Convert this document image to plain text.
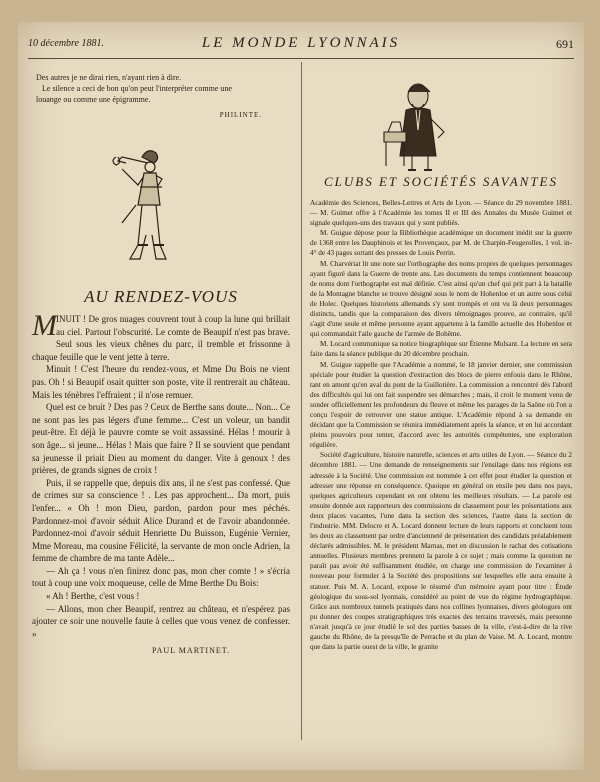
10 décembre 1881.	LE MONDE LYONNAIS	691

Des autres je ne dirai rien, n'ayant rien à dire.

Le silence a ceci de bon qu'on peut l'interpréter comme une

louange ou comme une épigramme.

PHILINTE.
AU RENDEZ-VOUS

MINUIT ! De gros nuages couvrent tout à coup la lune qui brillait au ciel. Partout l'obscurité. Le comte de Beaupif n'est pas brave. Seul sous les vieux chênes du parc, il tremble et frissonne à chaque feuille que le vent jette à terre.

Minuit ! C'est l'heure du rendez-vous, et Mme Du Bois ne vient pas. Oh ! si Beaupif osait quitter son poste, vite il rentrerait au château. Mais les ténèbres l'effraient ; il n'ose remuer.

Quel est ce bruit ? Des pas ? Ceux de Berthe sans doute... Non... Ce ne sont pas les pas légers d'une femme... C'est un voleur, un bandit peut-être. Et déjà le pauvre comte se voit assassiné. Hélas ! mourir à son âge... si jeune... Hélas ! Mais que faire ? Il se souvient que pendant sa jeunesse il priait Dieu au moment du danger. Vite à genoux ! des prières, de grands signes de croix !

Puis, il se rappelle que, depuis dix ans, il ne s'est pas confessé. Que de crimes sur sa conscience ! . Les pas approchent... Da mort, puis l'enfer... « Oh ! mon Dieu, pardon, pardon pour mes péchés. Pardonnez-moi d'avoir séduit Alice Durand et de l'avoir abandonnée. Pardonnez-moi d'avoir séduit Henriette Du Buisson, Eugénie Vernier, Mme Moreau, ma cousine Félicité, la servante de mon oncle Adrien, la femme de chambre de ma tante Adèle...

— Ah ça ! vous n'en finirez donc pas, mon cher comte ! » s'écria tout à coup une voix moqueuse, celle de Mme Berthe Du Bois:

« Ah ! Berthe, c'est vous !

— Allons, mon cher Beaupif, rentrez au château, et n'espérez pas ajouter ce soir une nouvelle faute à celles que vous venez de confesser. »

PAUL MARTINET.
CLUBS ET SOCIÉTÉS SAVANTES

Académie des Sciences, Belles-Lettres et Arts de Lyon. — Séance du 29 novembre 1881. — M. Guimet offre à l'Académie les tomes II et III des Annales du Musée Guimet et signale quelques-uns des travaux qui y sont publiés.

M. Guigue dépose pour la Bibliothèque académique un document inédit sur la guerre de 1368 entre les Dauphinois et les Provençaux, par M. de Charpin-Feugerolles, 1 vol. in-4° de 43 pages sortant des presses de Louis Perrin.

M. Charvériat lit une note sur l'orthographe des noms propres de quelques personnages ayant figuré dans la Guerre de trente ans. Les documents du temps contiennent beaucoup de noms dont l'orthographe est mal définie. C'est ainsi qu'un chef qui prit part à la bataille de la Montagne blanche se trouve désigné sous le nom de Hohenloe et un autre sous celui de Holec. Quelques historiens allemands s'y sont trompés et ont vu là deux personnages distincts, tandis que la comparaison des divers témoignages prouve, au contraire, qu'il s'agit d'une seule et même personne ayant appartenu à la famille actuelle des Hohenloe et qui commandait l'aile gauche de l'armée de Bohême.

M. Locard communique sa notice biographique sur Étienne Mulsant. La lecture en sera faite dans la séance publique du 20 décembre prochain.

M. Guigue rappelle que l'Académie a nommé, le 18 janvier dernier, une commission spéciale pour étudier la question d'extraction des blocs de pierre enfouis dans le Rhône, tant en amont qu'en aval du pont de la Guillotière. La commission a rencontré dès l'abord des difficultés qui lui ont fait suspendre ses démarches ; mais, il croit le moment venu de sonder officiellement les profondeurs du fleuve et même les parages de la Saône où l'on a conçu l'espoir de retrouver une statue antique. L'Académie répond à sa demande en décidant que la Commission se réunira immédiatement après la séance, et en lui accordant pleins pouvoirs pour tenter, d'accord avec les autorités compétentes, une exploration régulière.

Société d'agriculture, histoire naturelle, sciences et arts utiles de Lyon. — Séance du 2 décembre 1881. — Une demande de renseignements sur l'ensilage dans nos régions est adressée à la Société. Une commission est nommée à cet effet pour étudier la question et adresser une réponse en conséquence. Quoique en général on ensile peu dans nos pays, quelques agriculteurs cependant en ont obtenu les meilleurs résultats. — La parole est ensuite donnée aux rapporteurs des commissions de classement pour les présentations aux deux places vacantes, l'une dans la section des sciences, l'autre dans la section de l'industrie. MM. Delocre et A. Locard donnent lecture de leurs rapports et concluent tous les deux au classement par ordre d'ancienneté de présentation des candidats préalablement déclarés admissibles. M. le président Marnas, met en discussion le rachat des cotisations annuelles. Plusieurs membres prennent la parole à ce sujet ; mais comme la question ne paraît pas avoir été suffisamment étudiée, on charge une commission de l'examiner à nouveau pour formuler à la Société des propositions sur lesquelles elle aura ensuite à statuer. Puis M. A. Locard, expose le résumé d'un mémoire ayant pour titre : Étude géologique du sous-sol lyonnais, considéré au point de vue du régime hydrographique. Grâce aux nombreux tunnels pratiqués dans nos collines lyonnaises, divers géologues ont pu donner des coupes stratigraphiques très exactes des terrains traversés, mais personne n'avait jusqu'à ce jour étudié le sol des parties basses de la ville, c'est-à-dire de la rive gauche du Rhône, de la presqu'île de Perrache et du plan de Vaise. M. A. Locard, montre que dans la partie ouest de la ville, le granite
